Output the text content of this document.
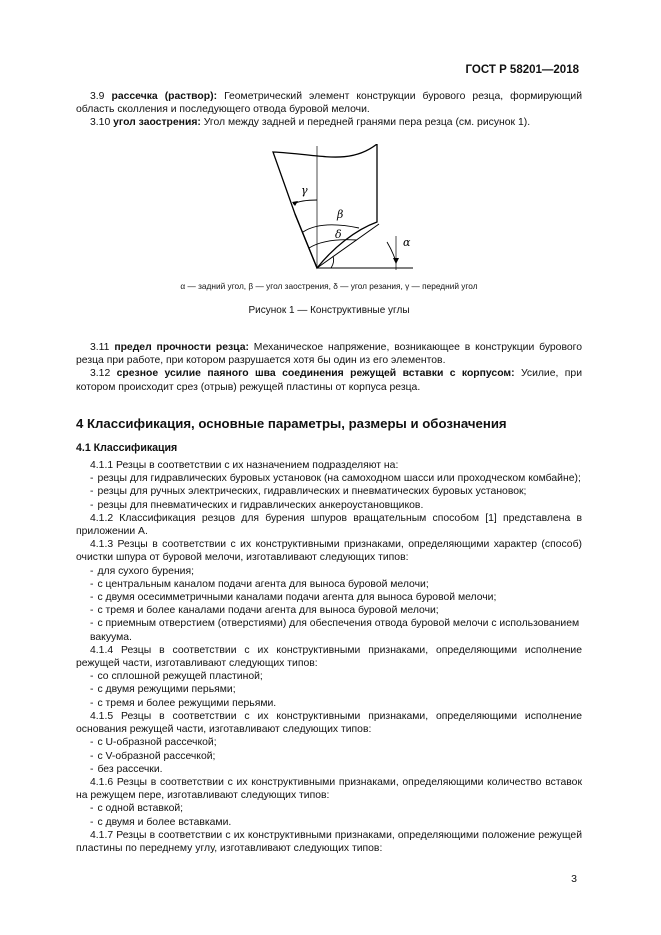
ГОСТ Р 58201—2018

3.9 рассечка (раствор): Геометрический элемент конструкции бурового резца, формирующий область сколления и последующего отвода буровой мелочи.

3.10 угол заострения: Угол между задней и передней гранями пера резца (см. рисунок 1).

γ
β
δ
α
α — задний угол, β — угол заострения, δ — угол резания, γ — передний угол
Рисунок 1 — Конструктивные углы

3.11 предел прочности резца: Механическое напряжение, возникающее в конструкции бурового резца при работе, при котором разрушается хотя бы один из его элементов.

3.12 срезное усилие паяного шва соединения режущей вставки с корпусом: Усилие, при котором происходит срез (отрыв) режущей пластины от корпуса резца.

4 Классификация, основные параметры, размеры и обозначения
4.1 Классификация

4.1.1 Резцы в соответствии с их назначением подразделяют на:

- резцы для гидравлических буровых установок (на самоходном шасси или проходческом комбайне);

- резцы для ручных электрических, гидравлических и пневматических буровых установок;

- резцы для пневматических и гидравлических анкероустановщиков.

4.1.2 Классификация резцов для бурения шпуров вращательным способом [1] представлена в приложении А.

4.1.3 Резцы в соответствии с их конструктивными признаками, определяющими характер (способ) очистки шпура от буровой мелочи, изготавливают следующих типов:

- для сухого бурения;

- с центральным каналом подачи агента для выноса буровой мелочи;

- с двумя осесимметричными каналами подачи агента для выноса буровой мелочи;

- с тремя и более каналами подачи агента для выноса буровой мелочи;

- с приемным отверстием (отверстиями) для обеспечения отвода буровой мелочи с использованием вакуума.

4.1.4 Резцы в соответствии с их конструктивными признаками, определяющими исполнение режущей части, изготавливают следующих типов:

- со сплошной режущей пластиной;

- с двумя режущими перьями;

- с тремя и более режущими перьями.

4.1.5 Резцы в соответствии с их конструктивными признаками, определяющими исполнение основания режущей части, изготавливают следующих типов:

- с U-образной рассечкой;

- с V-образной рассечкой;

- без рассечки.

4.1.6 Резцы в соответствии с их конструктивными признаками, определяющими количество вставок на режущем пере, изготавливают следующих типов:

- с одной вставкой;

- с двумя и более вставками.

4.1.7 Резцы в соответствии с их конструктивными признаками, определяющими положение режущей пластины по переднему углу, изготавливают следующих типов:

3
